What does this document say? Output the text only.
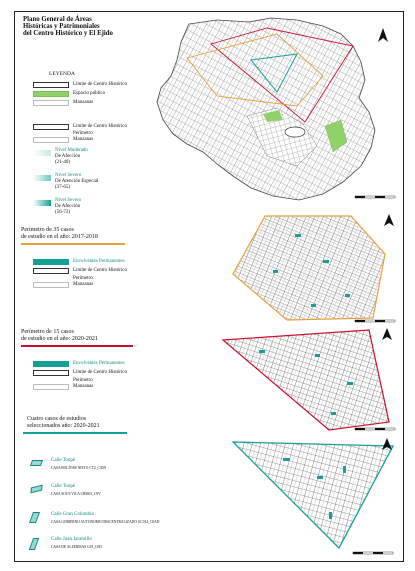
Plano General de Áreas
Históricas y Patrimoniales
del Centro Histórico y El Ejido
LEYENDA
Límite de Centro Histórico
Espacio público
Manzanas
Límite de Centro Histórico
Perímetro
Manzanas
Nivel Moderado
De Afección
(21-40)
Nivel Severo
De Atención Especial
(37-65)
Nivel Severo
De Afección
(56-72)
Perímetro de 35 casos
de estudio en el año: 2017-2018
Envolventes Permanentes
Límite de Centro Histórico
Perímetro
Manzanas
Perímetro de 15 casos
de estudio en el año: 2020-2021
Envolventes Permanentes
Límite de Centro Histórico
Perímetro
Manzanas
Cuatro casos de estudios
seleccionados año: 2020-2021
Calle Toupé
CASA BOLÍVAR NIETO CT2_C30N
Calle Toupé
CASA SOUS VILA CRM01_C9V
Calle Gran Colombia
CASA GOBIERNO AUTONOMO DESCENTRALIZADO GC014_C0AD
Calle Juan Jaramillo
CASA DE ALZERMAS G19_C0D
